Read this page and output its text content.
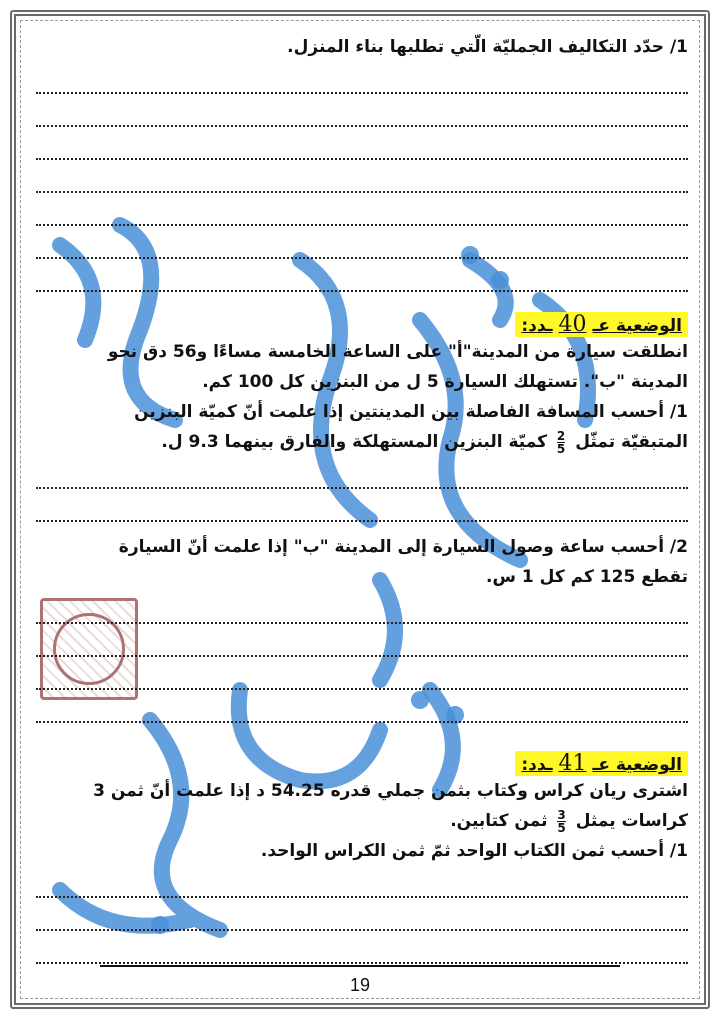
1/ حدّد التكاليف الجمليّة الّتي تطلبها بناء المنزل.
الوضعية عـ40ـدد:
انطلقت سيارة من المدينة"أ" على الساعة الخامسة مساءًا و56 دق نحو
المدينة "ب". تستهلك السيارة 5 ل من البنزين كل 100 كم.
1/ أحسب المسافة الفاصلة بين المدينتين إذا علمت أنّ كميّة البنزين
المتبقيّة تمثّل
$\frac{2}{5}$
كميّة البنزين المستهلكة والفارق بينهما 9.3 ل.
2/ أحسب ساعة وصول السيارة إلى المدينة "ب" إذا علمت أنّ السيارة
تقطع 125 كم كل 1 س.
الوضعية عـ41ـدد:
اشترى ريان كراس وكتاب بثمن جملي قدره 54.25 د إذا علمت أنّ ثمن 3
كراسات يمثل
$\frac{3}{5}$
ثمن كتابين.
1/ أحسب ثمن الكتاب الواحد ثمّ ثمن الكراس الواحد.
19
